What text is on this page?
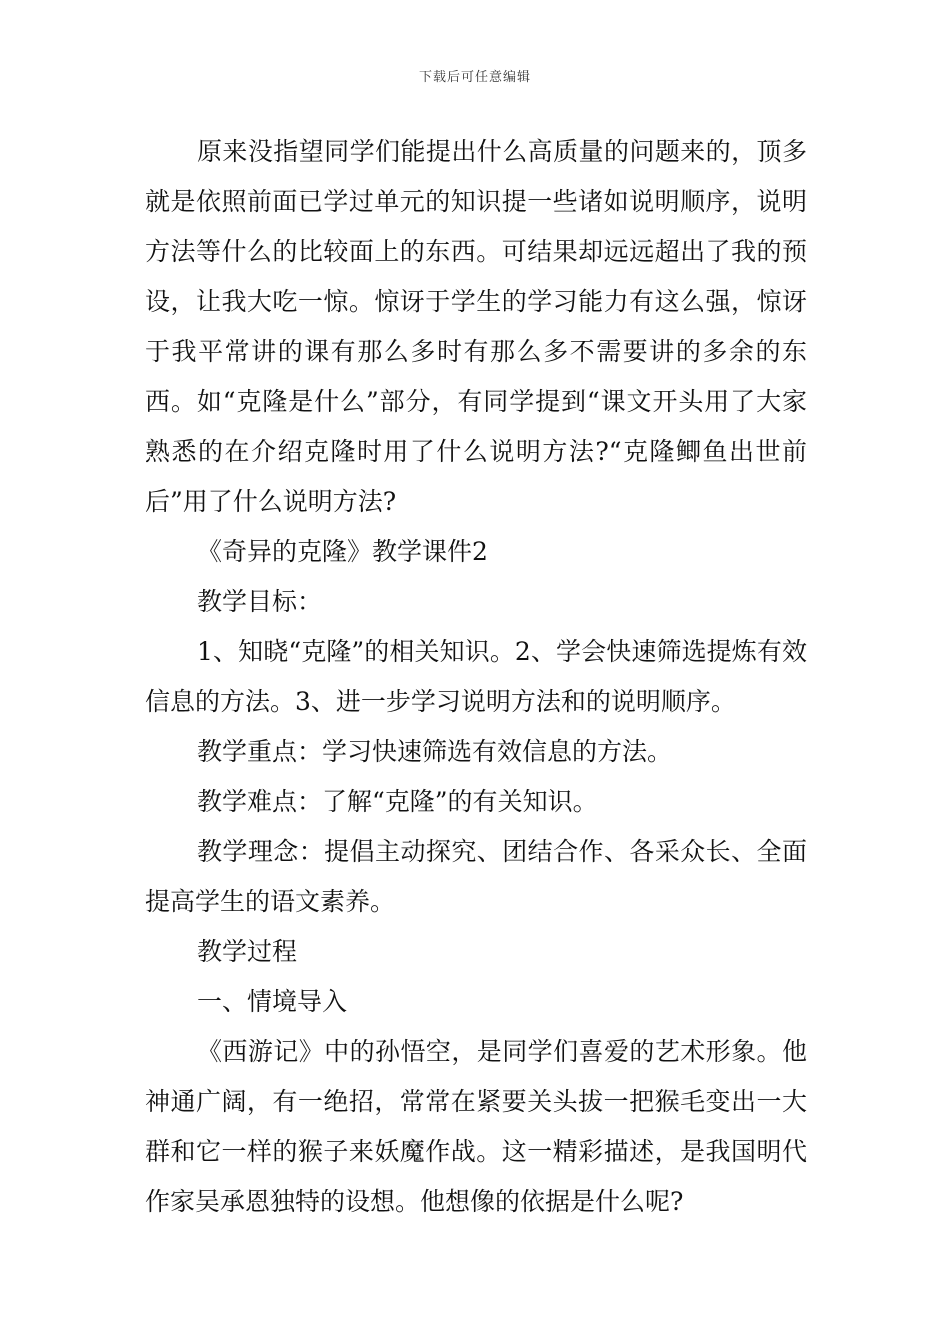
下载后可任意编辑

原来没指望同学们能提出什么高质量的问题来的，顶多就是依照前面已学过单元的知识提一些诸如说明顺序，说明方法等什么的比较面上的东西。可结果却远远超出了我的预设，让我大吃一惊。惊讶于学生的学习能力有这么强，惊讶于我平常讲的课有那么多时有那么多不需要讲的多余的东西。如“克隆是什么”部分，有同学提到“课文开头用了大家熟悉的在介绍克隆时用了什么说明方法?“克隆鲫鱼出世前后”用了什么说明方法?

《奇异的克隆》教学课件2

教学目标：

1、知晓“克隆”的相关知识。2、学会快速筛选提炼有效信息的方法。3、进一步学习说明方法和的说明顺序。

教学重点：学习快速筛选有效信息的方法。

教学难点：了解“克隆”的有关知识。

教学理念：提倡主动探究、团结合作、各采众长、全面提高学生的语文素养。

教学过程

一、情境导入

《西游记》中的孙悟空，是同学们喜爱的艺术形象。他神通广阔，有一绝招，常常在紧要关头拔一把猴毛变出一大群和它一样的猴子来妖魔作战。这一精彩描述，是我国明代作家吴承恩独特的设想。他想像的依据是什么呢?
